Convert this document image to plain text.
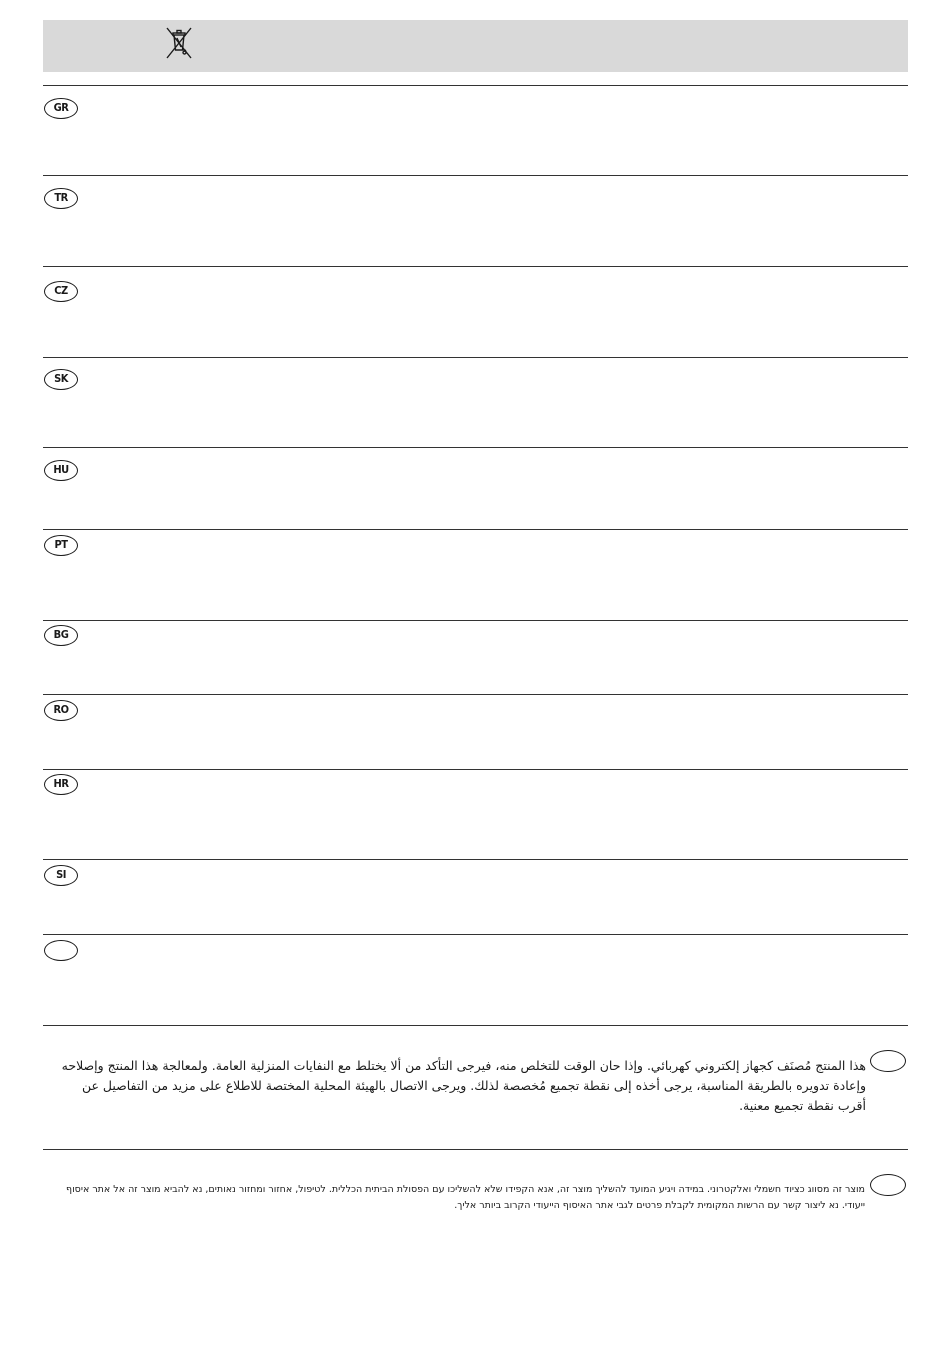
GR
TR
CZ
SK
HU
PT
BG
RO
HR
SI
هذا المنتج مُصنَف كجهاز إلكتروني كهربائي. وإذا حان الوقت للتخلص منه، فيرجى التأكد من ألا يختلط مع النفايات المنزلية العامة. ولمعالجة هذا المنتج وإصلاحه وإعادة تدويره بالطريقة المناسبة، يرجى أخذه إلى نقطة تجميع مُخصصة لذلك. ويرجى الاتصال بالهيئة المحلية المختصة للاطلاع على مزيد من التفاصيل عن أقرب نقطة تجميع معنية.
מוצר זה מסווג כציוד חשמלי ואלקטרוני. במידה ויגיע המועד להשליך מוצר זה, אנא הקפידו שלא להשליכו עם הפסולת הביתית הכללית. לטיפול, אחזור ומחזור נאותים, נא להביא מוצר זה אל אתר איסוף ייעודי. נא ליצור קשר עם הרשות המקומית לקבלת פרטים לגבי אתר האיסוף הייעודי הקרוב ביותר אליך.
